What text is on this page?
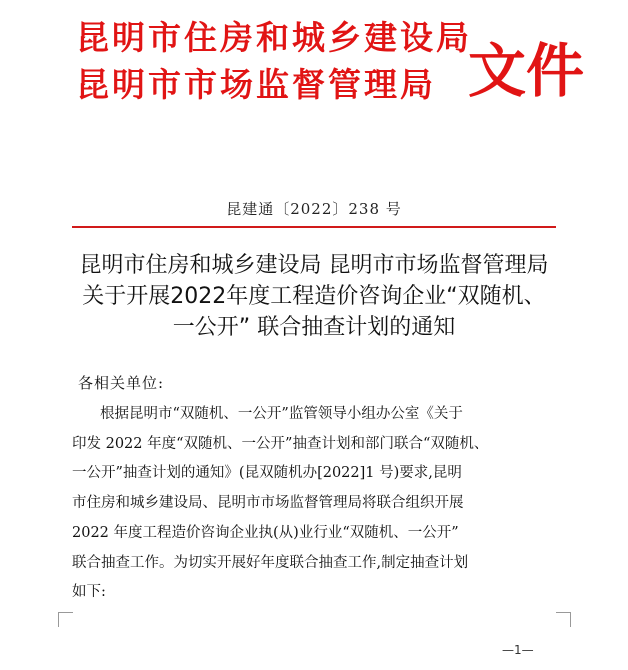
昆明市住房和城乡建设局
昆明市市场监督管理局 文件
昆建通〔2022〕238 号
昆明市住房和城乡建设局 昆明市市场监督管理局
关于开展2022年度工程造价咨询企业“双随机、
一公开” 联合抽查计划的通知
各相关单位:
根据昆明市“双随机、一公开”监管领导小组办公室《关于
印发 2022 年度“双随机、一公开”抽查计划和部门联合“双随机、
一公开”抽查计划的通知》(昆双随机办[2022]1 号)要求,昆明
市住房和城乡建设局、昆明市市场监督管理局将联合组织开展
2022 年度工程造价咨询企业执(从)业行业“双随机、一公开”
联合抽查工作。为切实开展好年度联合抽查工作,制定抽查计划
如下:
—1—
